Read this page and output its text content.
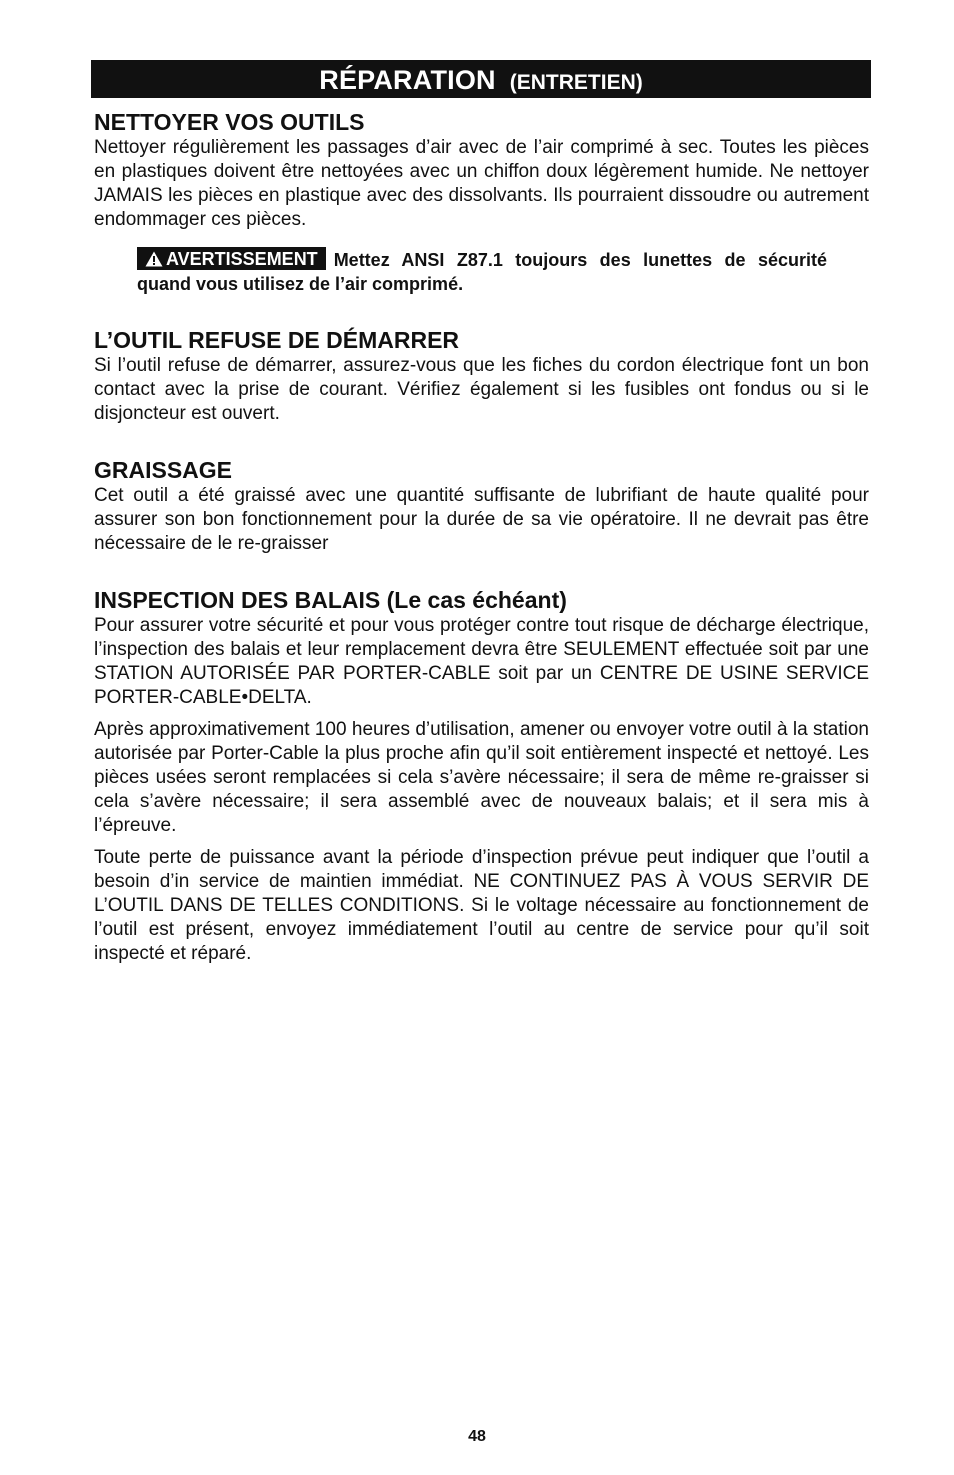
RÉPARATION (ENTRETIEN)
NETTOYER VOS OUTILS

Nettoyer régulièrement les passages d’air avec de l’air comprimé à sec. Toutes les pièces en plastiques doivent être nettoyées avec un chiffon doux légèrement humide. Ne nettoyer JAMAIS les pièces en plastique avec des dissolvants. Ils pourraient dissoudre ou autrement endommager ces pièces.

AVERTISSEMENT Mettez ANSI Z87.1 toujours des lunettes de sécurité quand vous utilisez de l’air comprimé.
L’OUTIL REFUSE DE DÉMARRER

Si l’outil refuse de démarrer, assurez-vous que les fiches du cordon électrique font un bon contact avec la prise de courant. Vérifiez également si les fusibles ont fondus ou si le disjoncteur est ouvert.

GRAISSAGE

Cet outil a été graissé avec une quantité suffisante de lubrifiant de haute qualité pour assurer son bon fonctionnement pour la durée de sa vie opératoire. Il ne devrait pas être nécessaire de le re-graisser

INSPECTION DES BALAIS (Le cas échéant)

Pour assurer votre sécurité et pour vous protéger contre tout risque de décharge électrique, l’inspection des balais et leur remplacement devra être SEULEMENT effectuée soit par une STATION AUTORISÉE PAR PORTER-CABLE soit par un CENTRE DE USINE SERVICE PORTER-CABLE•DELTA.

Après approximativement 100 heures d’utilisation, amener ou envoyer votre outil à la station autorisée par Porter-Cable la plus proche afin qu’il soit entièrement inspecté et nettoyé. Les pièces usées seront remplacées si cela s’avère nécessaire; il sera de même re-graisser si cela s’avère nécessaire; il sera assemblé avec de nouveaux balais; et il sera mis à l’épreuve.

Toute perte de puissance avant la période d’inspection prévue peut indiquer que l’outil a besoin d’in service de maintien immédiat. NE CONTINUEZ PAS À VOUS SERVIR DE L’OUTIL DANS DE TELLES CONDITIONS. Si le voltage nécessaire au fonctionnement de l’outil est présent, envoyez immédiatement l’outil au centre de service pour qu’il soit inspecté et réparé.

48
